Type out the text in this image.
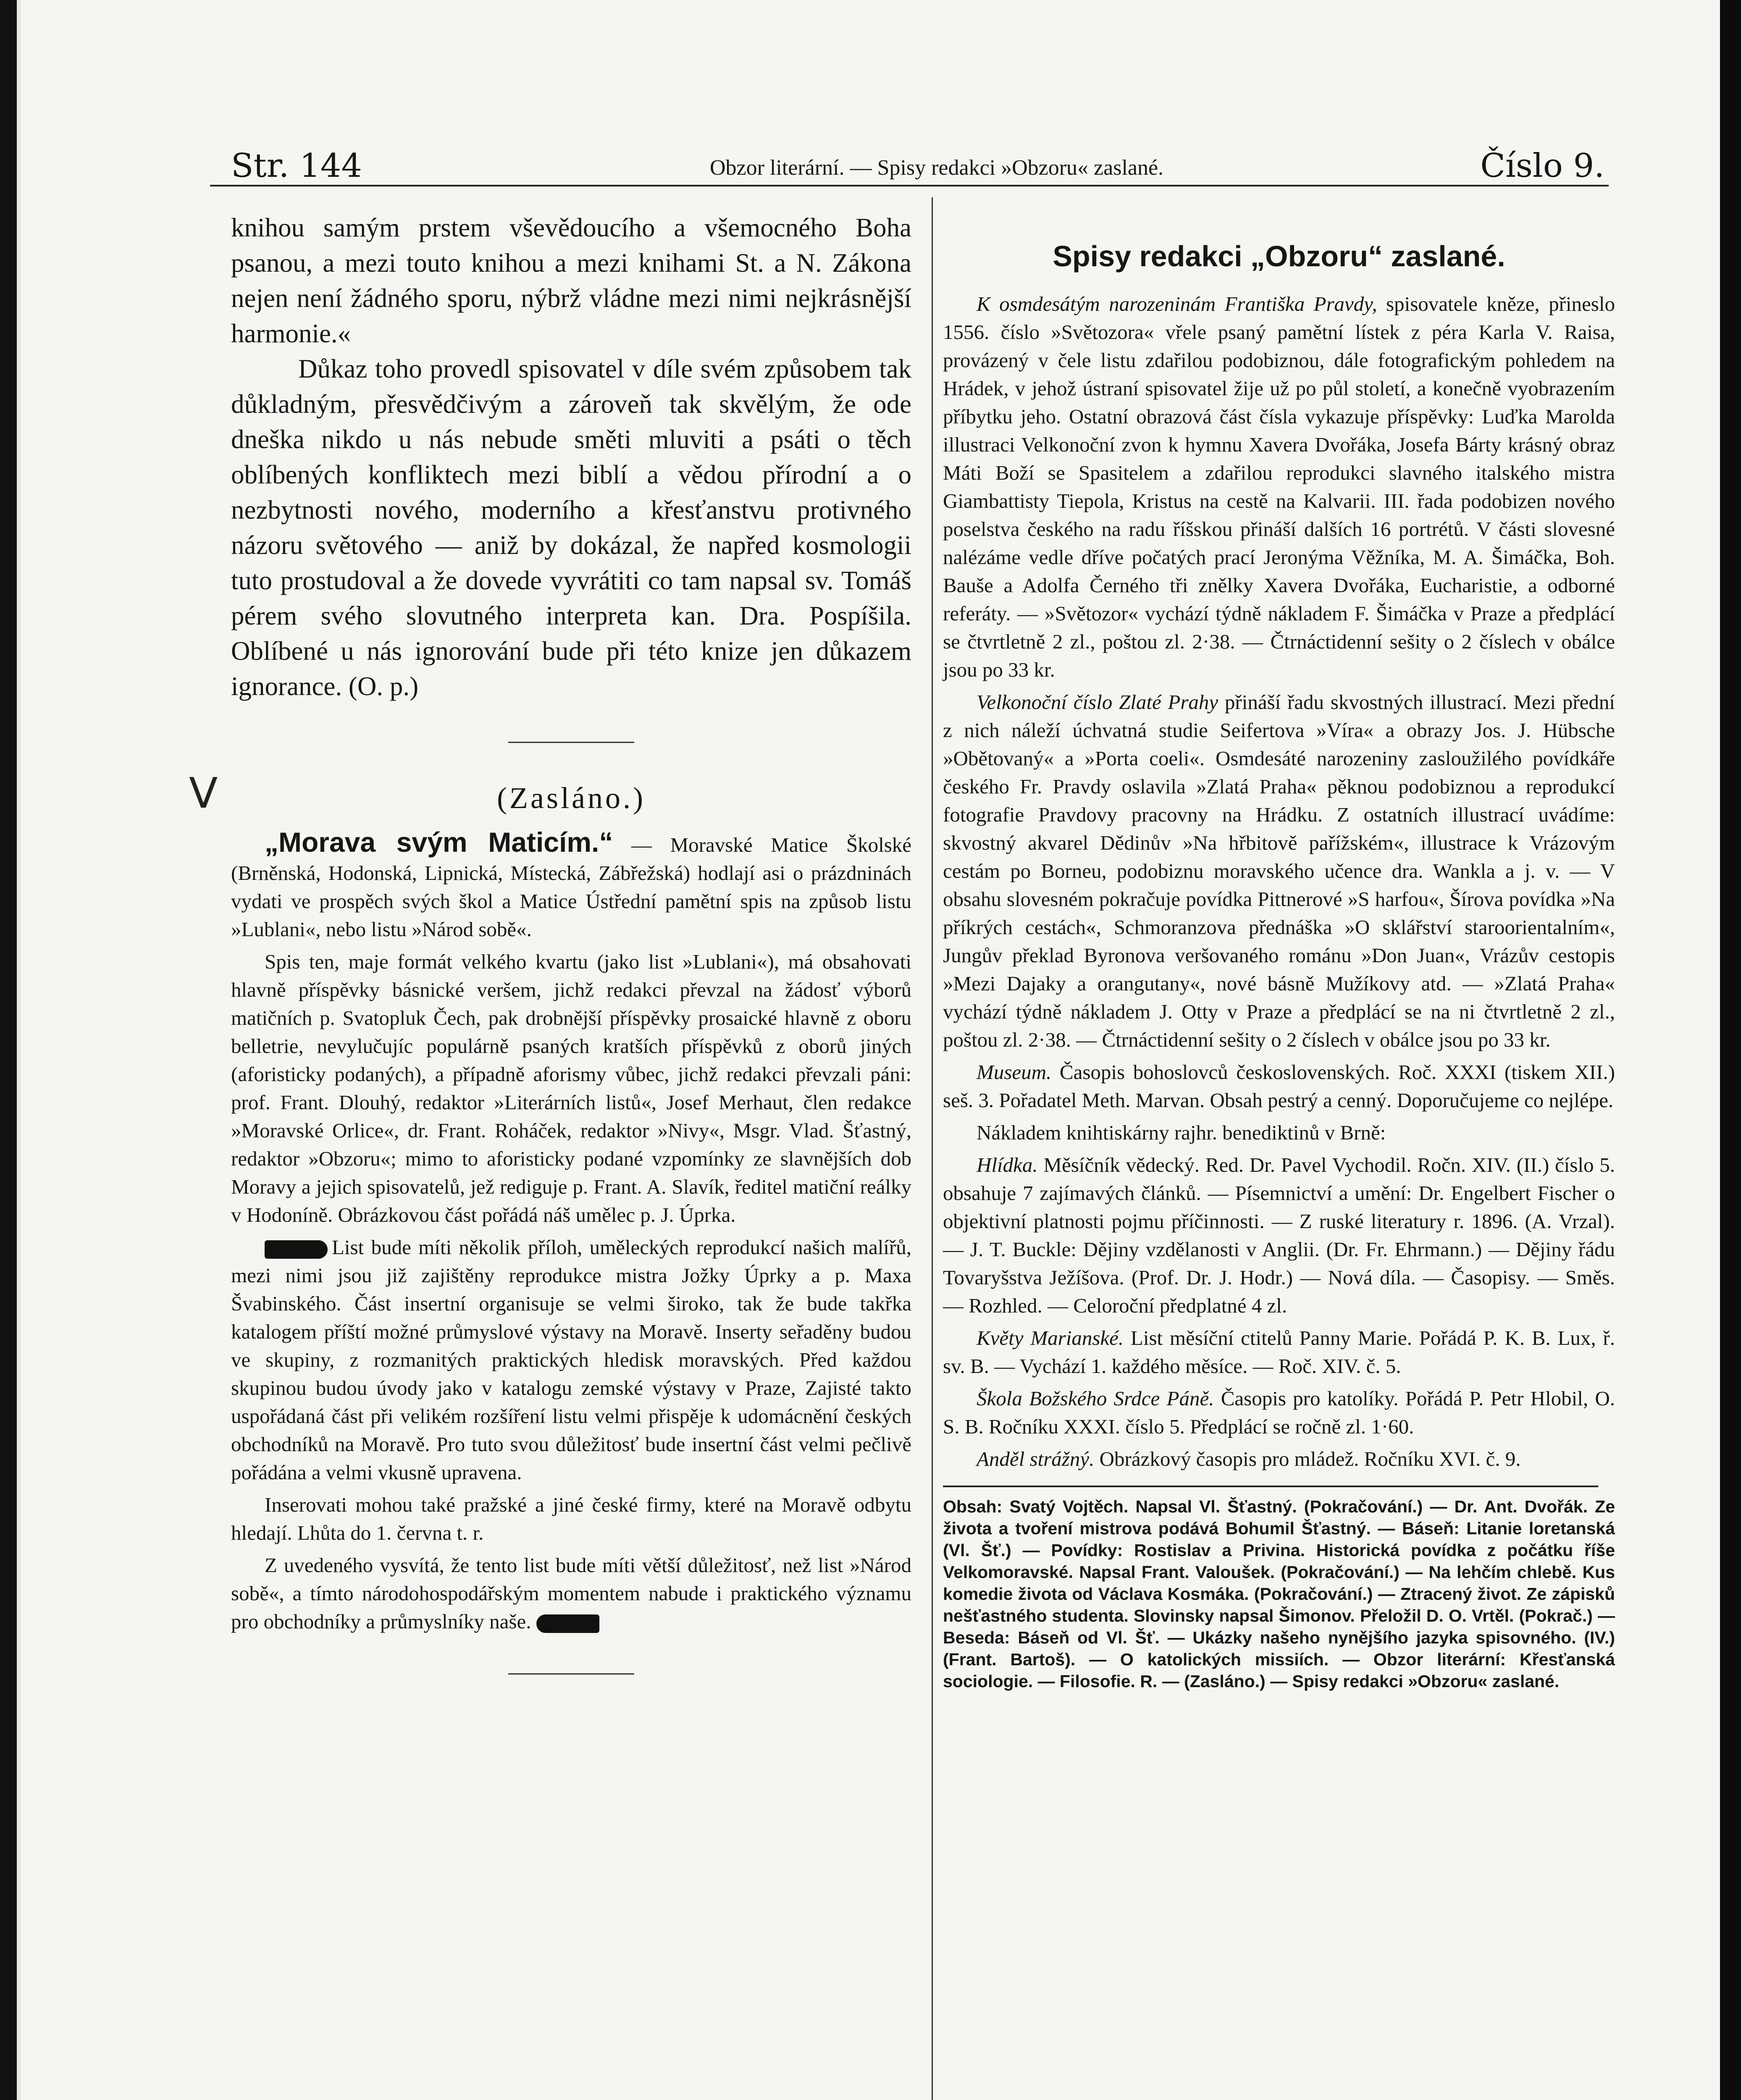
Str. 144	Obzor literární. — Spisy redakci »Obzoru« zaslané.	Číslo 9.
V

knihou samým prstem vševědoucího a všemocného Boha psanou, a mezi touto knihou a mezi knihami St. a N. Zákona nejen není žádného sporu, nýbrž vládne mezi nimi nejkrásnější harmonie.«

Důkaz toho provedl spisovatel v díle svém způsobem tak důkladným, přesvědčivým a zároveň tak skvělým, že ode dneška nikdo u nás nebude směti mluviti a psáti o těch oblíbených konfliktech mezi biblí a vědou přírodní a o nezbytnosti nového, moderního a křesťanstvu protivného názoru světového — aniž by dokázal, že napřed kosmologii tuto prostudoval a že dovede vyvrátiti co tam napsal sv. Tomáš pérem svého slovutného interpreta kan. Dra. Pospíšila. Oblíbené u nás ignorování bude při této knize jen důkazem ignorance. (O. p.)

(Zasláno.)

„Morava svým Maticím.“ — Moravské Matice Školské (Brněnská, Hodonská, Lipnická, Místecká, Zábřežská) hodlají asi o prázdninách vydati ve prospěch svých škol a Matice Ústřední pamětní spis na způsob listu »Lublani«, nebo listu »Národ sobě«.

Spis ten, maje formát velkého kvartu (jako list »Lublani«), má obsahovati hlavně příspěvky básnické veršem, jichž redakci převzal na žádosť výborů matičních p. Svatopluk Čech, pak drobnější příspěvky prosaické hlavně z oboru belletrie, nevylučujíc populárně psaných kratších příspěvků z oborů jiných (aforisticky podaných), a případně aforismy vůbec, jichž redakci převzali páni: prof. Frant. Dlouhý, redaktor »Literárních listů«, Josef Merhaut, člen redakce »Moravské Orlice«, dr. Frant. Roháček, redaktor »Nivy«, Msgr. Vlad. Šťastný, redaktor »Obzoru«; mimo to aforisticky podané vzpomínky ze slavnějších dob Moravy a jejich spisovatelů, jež rediguje p. Frant. A. Slavík, ředitel matiční reálky v Hodoníně. Obrázkovou část pořádá náš umělec p. J. Úprka.

List bude míti několik příloh, uměleckých reprodukcí našich malířů, mezi nimi jsou již zajištěny reprodukce mistra Jožky Úprky a p. Maxa Švabinského. Část insertní organisuje se velmi široko, tak že bude takřka katalogem příští možné průmyslové výstavy na Moravě. Inserty seřaděny budou ve skupiny, z rozmanitých praktických hledisk moravských. Před každou skupinou budou úvody jako v katalogu zemské výstavy v Praze, Zajisté takto uspořádaná část při velikém rozšíření listu velmi přispěje k udomácnění českých obchodníků na Moravě. Pro tuto svou důležitosť bude insertní část velmi pečlivě pořádána a velmi vkusně upravena.

Inserovati mohou také pražské a jiné české firmy, které na Moravě odbytu hledají. Lhůta do 1. června t. r.

Z uvedeného vysvítá, že tento list bude míti větší důležitosť, než list »Národ sobě«, a tímto národohospodářským momentem nabude i praktického významu pro obchodníky a průmyslníky naše.

Spisy redakci „Obzoru“ zaslané.

K osmdesátým narozeninám Františka Pravdy, spisovatele kněze, přineslo 1556. číslo »Světozora« vřele psaný pamětní lístek z péra Karla V. Raisa, provázený v čele listu zdařilou podobiznou, dále fotografickým pohledem na Hrádek, v jehož ústraní spisovatel žije už po půl století, a konečně vyobrazením příbytku jeho. Ostatní obrazová část čísla vykazuje příspěvky: Luďka Marolda illustraci Velkonoční zvon k hymnu Xavera Dvořáka, Josefa Bárty krásný obraz Máti Boží se Spasitelem a zdařilou reprodukci slavného italského mistra Giambattisty Tiepola, Kristus na cestě na Kalvarii. III. řada podobizen nového poselstva českého na radu říšskou přináší dalších 16 portrétů. V části slovesné nalézáme vedle dříve počatých prací Jeronýma Věžníka, M. A. Šimáčka, Boh. Bauše a Adolfa Černého tři znělky Xavera Dvořáka, Eucharistie, a odborné referáty. — »Světozor« vychází týdně nákladem F. Šimáčka v Praze a předplácí se čtvrtletně 2 zl., poštou zl. 2·38. — Čtrnáctidenní sešity o 2 číslech v obálce jsou po 33 kr.

Velkonoční číslo Zlaté Prahy přináší řadu skvostných illustrací. Mezi přední z nich náleží úchvatná studie Seifertova »Víra« a obrazy Jos. J. Hübsche »Obětovaný« a »Porta coeli«. Osmdesáté narozeniny zasloužilého povídkáře českého Fr. Pravdy oslavila »Zlatá Praha« pěknou podobiznou a reprodukcí fotografie Pravdovy pracovny na Hrádku. Z ostatních illustrací uvádíme: skvostný akvarel Dědinův »Na hřbitově pařížském«, illustrace k Vrázovým cestám po Borneu, podobiznu moravského učence dra. Wankla a j. v. — V obsahu slovesném pokračuje povídka Pittnerové »S harfou«, Šírova povídka »Na příkrých cestách«, Schmoranzova přednáška »O sklářství staroorientalním«, Jungův překlad Byronova veršovaného románu »Don Juan«, Vrázův cestopis »Mezi Dajaky a orangutany«, nové básně Mužíkovy atd. — »Zlatá Praha« vychází týdně nákladem J. Otty v Praze a předplácí se na ni čtvrtletně 2 zl., poštou zl. 2·38. — Čtrnáctidenní sešity o 2 číslech v obálce jsou po 33 kr.

Museum. Časopis bohoslovců československých. Roč. XXXI (tiskem XII.) seš. 3. Pořadatel Meth. Marvan. Obsah pestrý a cenný. Doporučujeme co nejlépe.

Nákladem knihtiskárny rajhr. benediktinů v Brně:

Hlídka. Měsíčník vědecký. Red. Dr. Pavel Vychodil. Ročn. XIV. (II.) číslo 5. obsahuje 7 zajímavých článků. — Písemnictví a umění: Dr. Engelbert Fischer o objektivní platnosti pojmu příčinnosti. — Z ruské literatury r. 1896. (A. Vrzal). — J. T. Buckle: Dějiny vzdělanosti v Anglii. (Dr. Fr. Ehrmann.) — Dějiny řádu Tovaryšstva Ježíšova. (Prof. Dr. J. Hodr.) — Nová díla. — Časopisy. — Směs. — Rozhled. — Celoroční předplatné 4 zl.

Květy Marianské. List měsíční ctitelů Panny Marie. Pořádá P. K. B. Lux, ř. sv. B. — Vychází 1. každého měsíce. — Roč. XIV. č. 5.

Škola Božského Srdce Páně. Časopis pro katolíky. Pořádá P. Petr Hlobil, O. S. B. Ročníku XXXI. číslo 5. Předplácí se ročně zl. 1·60.

Anděl strážný. Obrázkový časopis pro mládež. Ročníku XVI. č. 9.

Obsah: Svatý Vojtěch. Napsal Vl. Šťastný. (Pokračování.) — Dr. Ant. Dvořák. Ze života a tvoření mistrova podává Bohumil Šťastný. — Báseň: Litanie loretanská (Vl. Šť.) — Povídky: Rostislav a Privina. Historická povídka z počátku říše Velkomoravské. Napsal Frant. Valoušek. (Pokračování.) — Na lehčím chlebě. Kus komedie života od Václava Kosmáka. (Pokračování.) — Ztracený život. Ze zápisků nešťastného studenta. Slovinsky napsal Šimonov. Přeložil D. O. Vrtěl. (Pokrač.) — Beseda: Báseň od Vl. Šť. — Ukázky našeho nynějšího jazyka spisovného. (IV.) (Frant. Bartoš). — O katolických missiích. — Obzor literární: Křesťanská sociologie. — Filosofie. R. — (Zasláno.) — Spisy redakci »Obzoru« zaslané.
